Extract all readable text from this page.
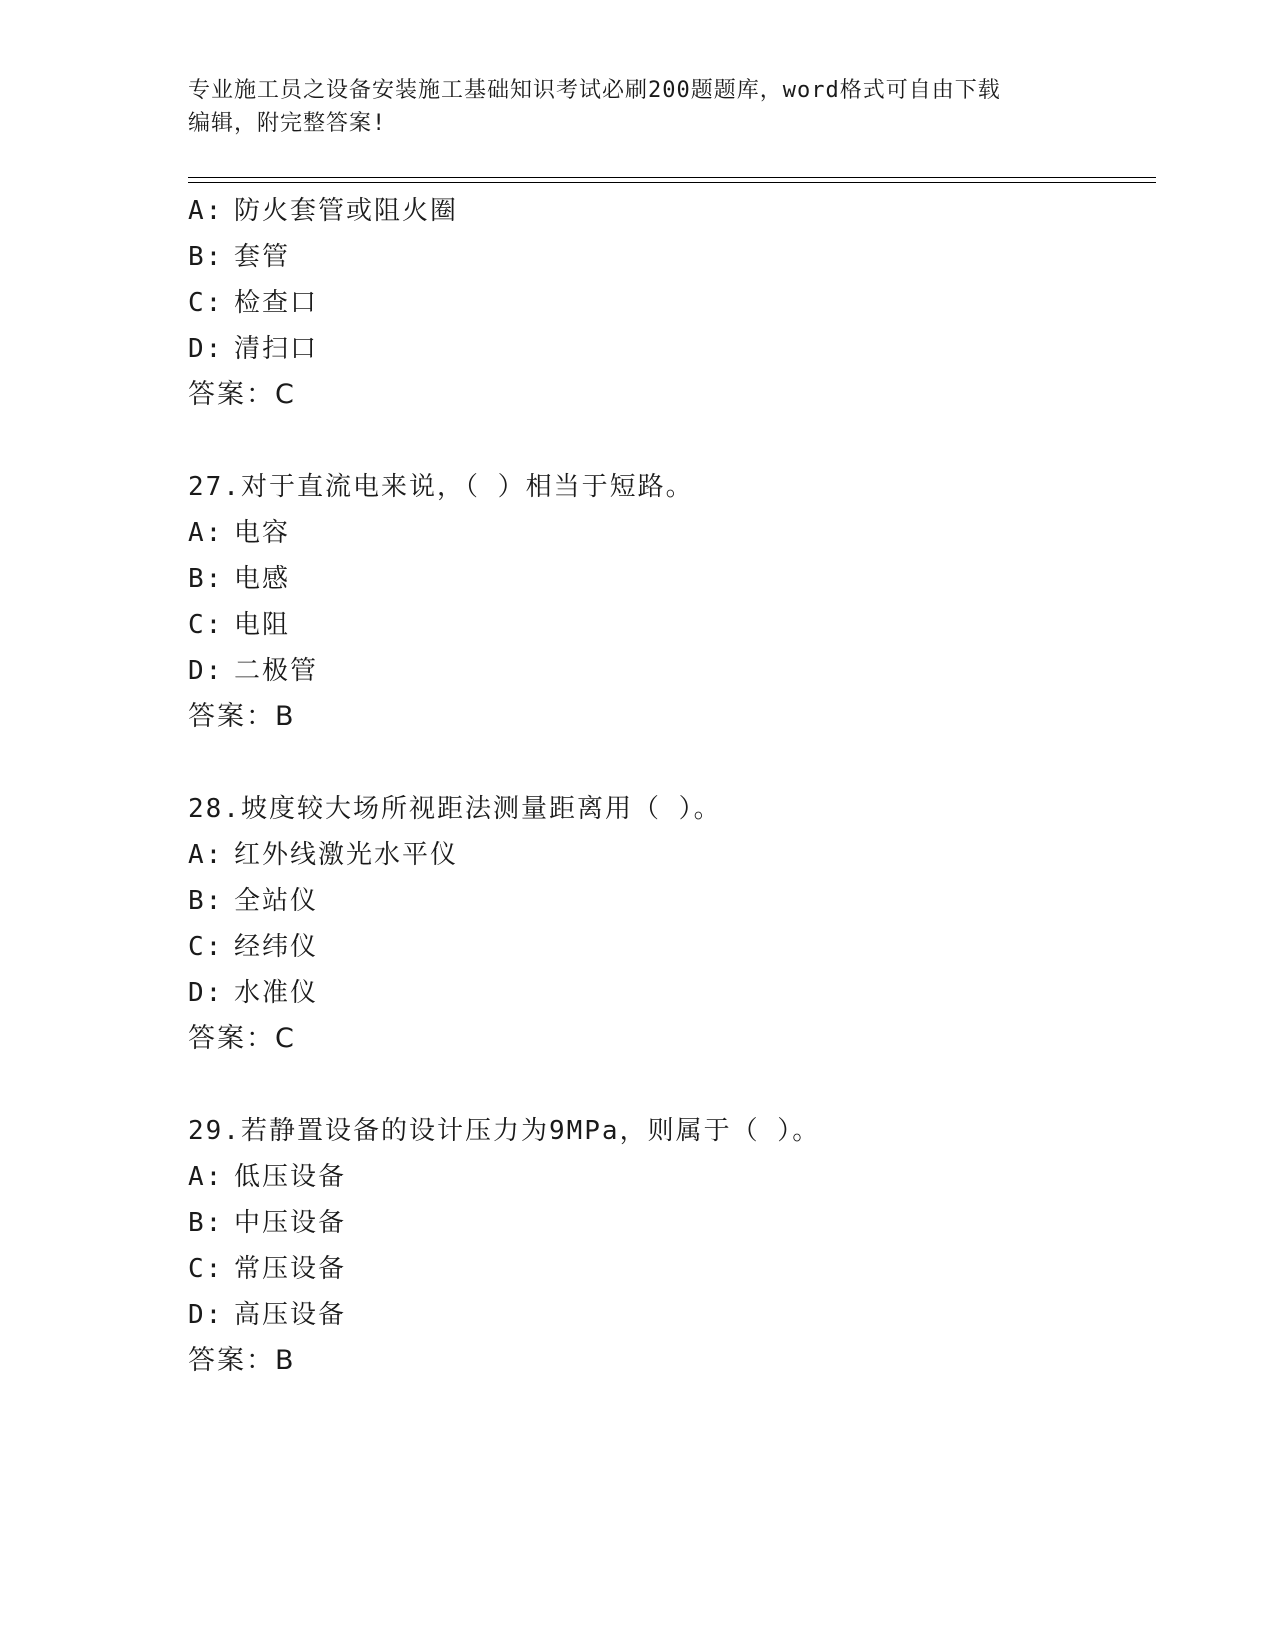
专业施工员之设备安装施工基础知识考试必刷200题题库，word格式可自由下载
编辑，附完整答案!
A: 防火套管或阻火圈
B: 套管
C: 检查口
D: 清扫口
答案：C
27.对于直流电来说，（ ）相当于短路。
A: 电容
B: 电感
C: 电阻
D: 二极管
答案：B
28.坡度较大场所视距法测量距离用（ ）。
A: 红外线激光水平仪
B: 全站仪
C: 经纬仪
D: 水准仪
答案：C
29.若静置设备的设计压力为9MPa，则属于（ ）。
A: 低压设备
B: 中压设备
C: 常压设备
D: 高压设备
答案：B
